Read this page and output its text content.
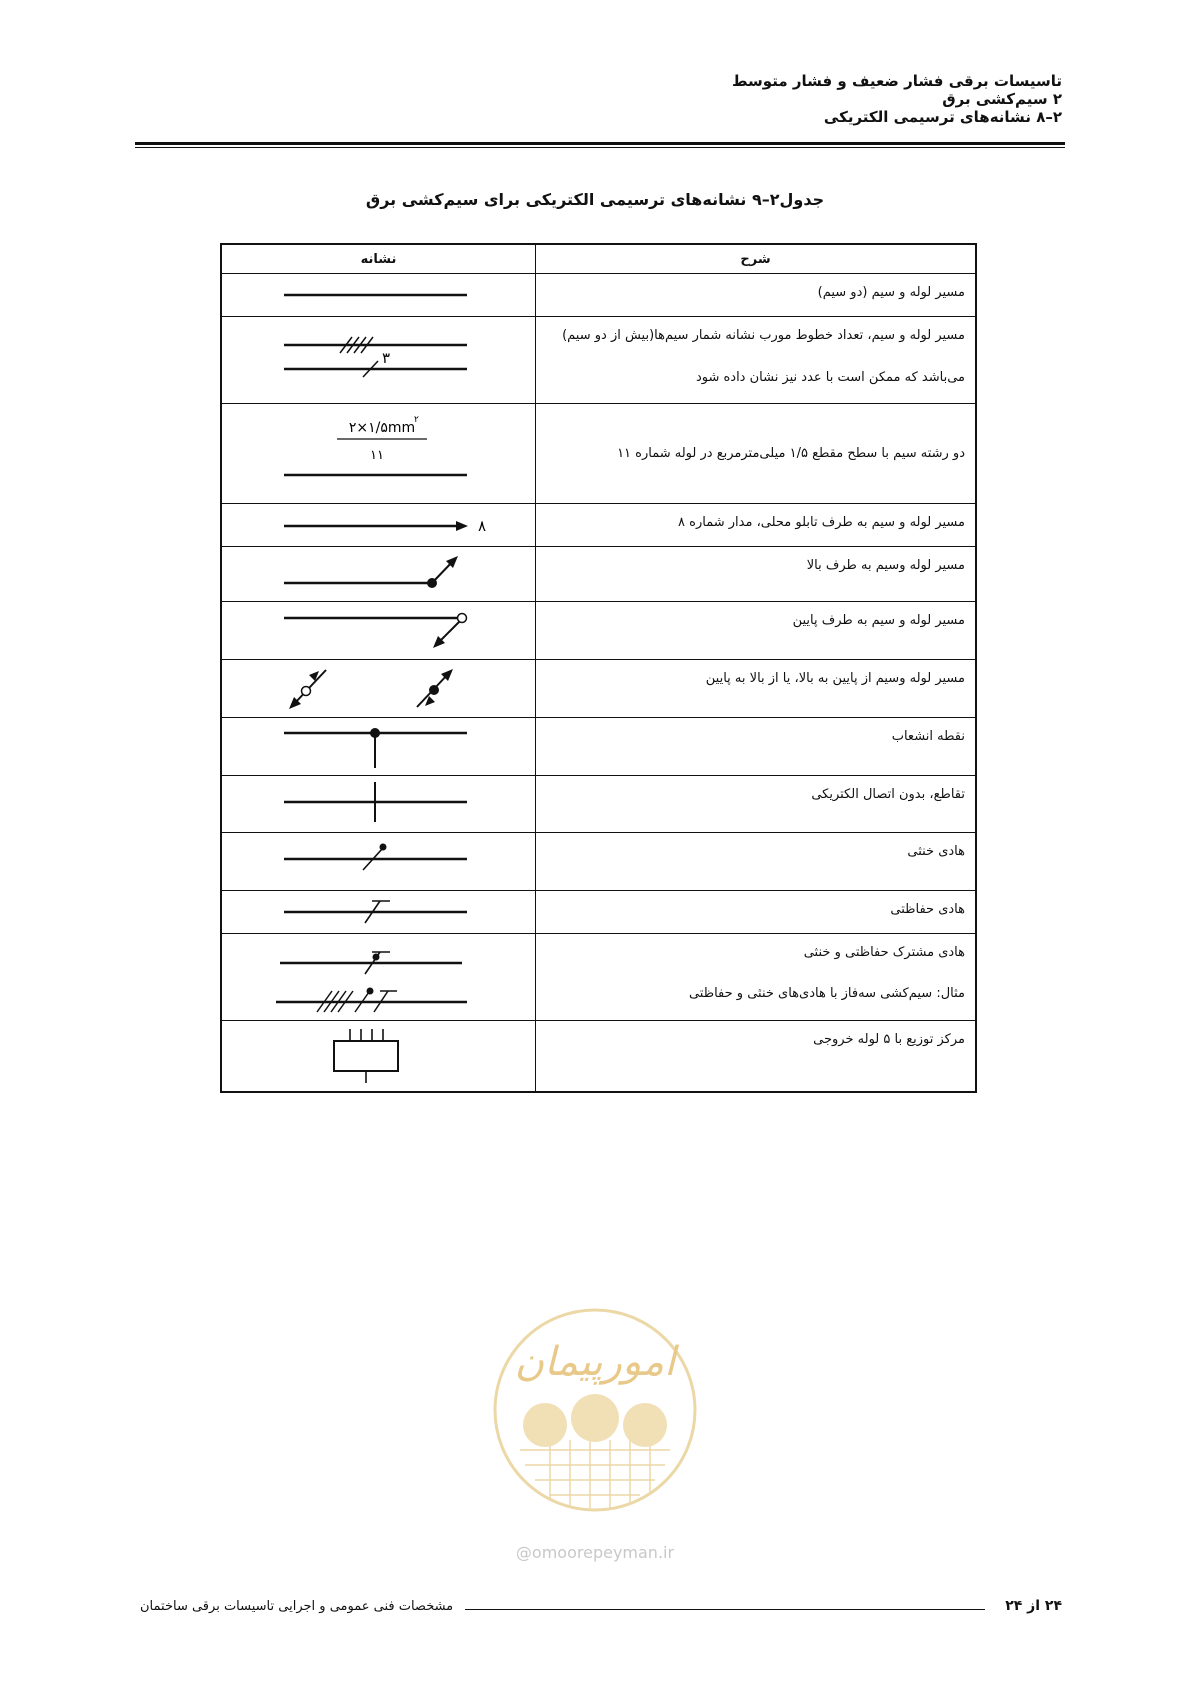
تاسیسات برقی فشار ضعیف و فشار متوسط
۲ سیم‌کشی برق
۲–۸ نشانه‌های ترسیمی الکتریکی
جدول۲–۹ نشانه‌های ترسیمی الکتریکی برای سیم‌کشی برق
نشانه	شرح

مسیر لوله و سیم (دو سیم)

۳	مسیر لوله و سیم، تعداد خطوط مورب نشانه شمار سیم‌ها(بیش از دو سیم)
می‌باشد که ممکن است با عدد نیز نشان داده شود

۲×۱/۵mm
۲
۱۱	دو رشته سیم با سطح مقطع ۱/۵ میلی‌مترمربع در لوله شماره ۱۱

۸	مسیر لوله و سیم به طرف تابلو محلی، مدار شماره ۸

مسیر لوله وسیم به طرف بالا

مسیر لوله و سیم به طرف پایین

مسیر لوله وسیم از پایین به بالا، یا از بالا به پایین

نقطه انشعاب

تقاطع، بدون اتصال الکتریکی

هادی خنثی

هادی حفاظتی

هادی مشترک حفاظتی و خنثی
مثال: سیم‌کشی سه‌فاز با هادی‌های خنثی و حفاظتی

مرکز توزیع با ۵ لوله خروجی
امورپیمان
@omoorepeyman.ir
مشخصات فنی عمومی و اجرایی تاسیسات برقی ساختمان	۲۴ از ۲۴
